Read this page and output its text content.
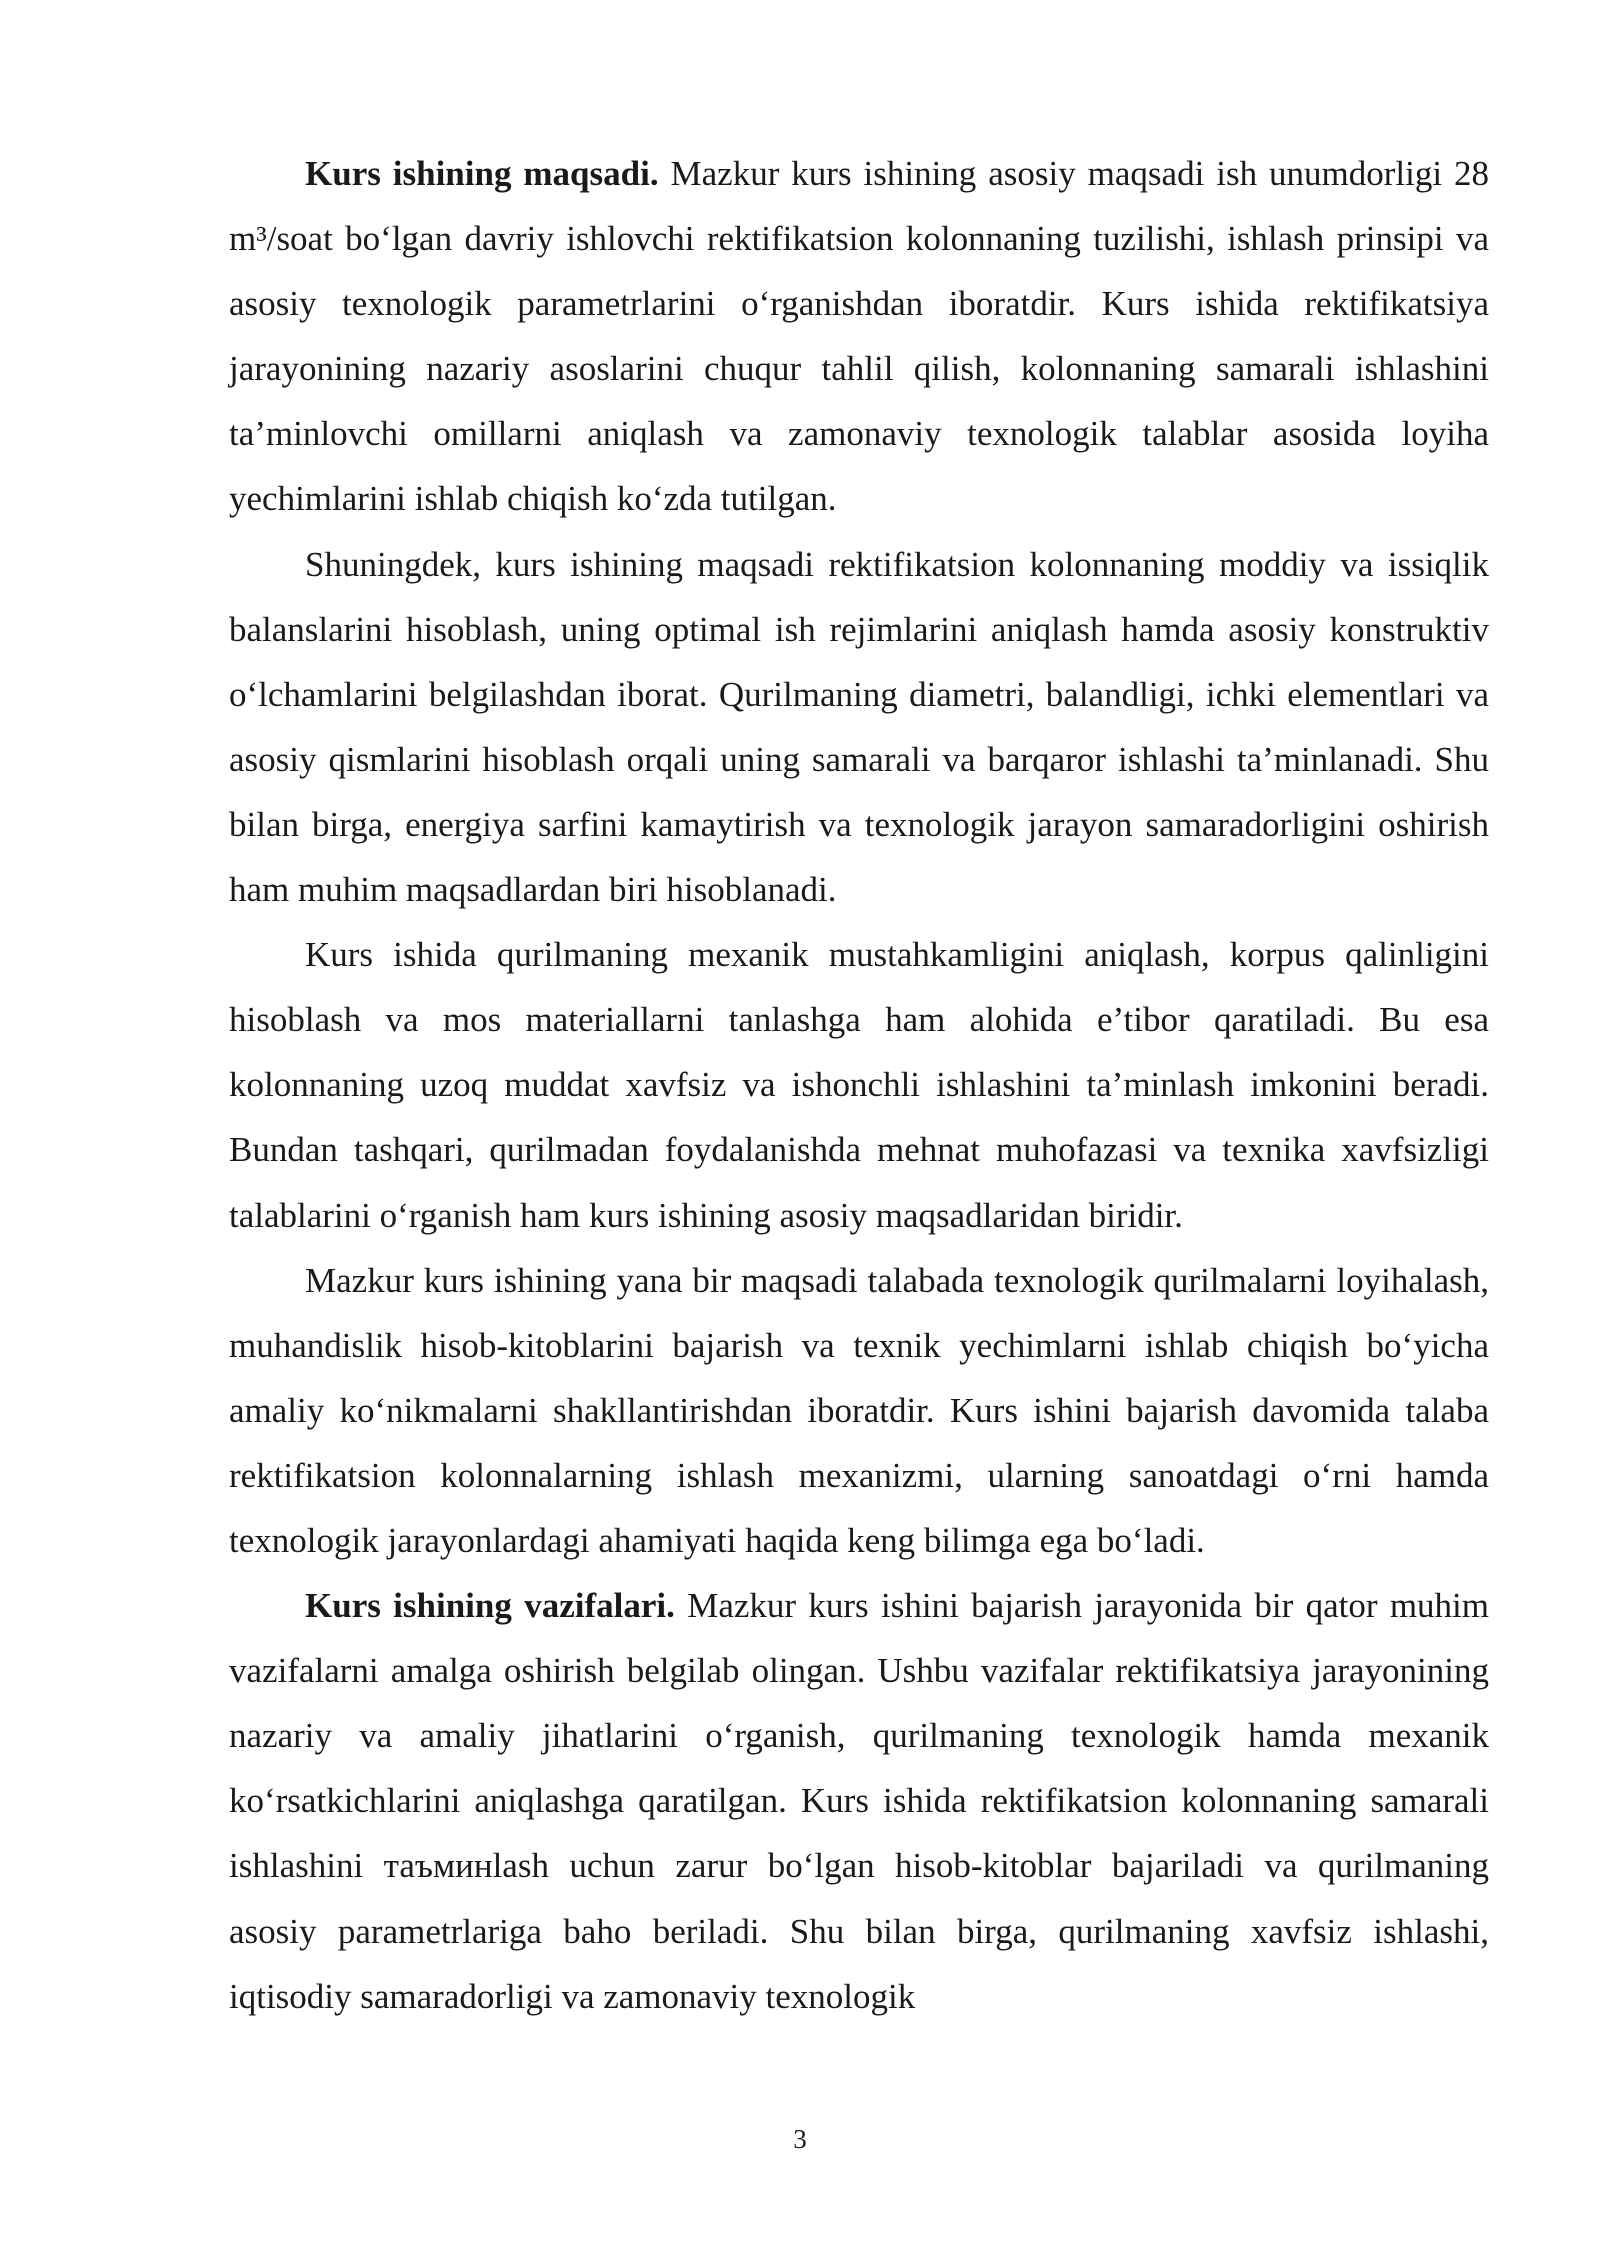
Kurs ishining maqsadi. Mazkur kurs ishining asosiy maqsadi ish unumdorligi 28 m³/soat bo‘lgan davriy ishlovchi rektifikatsion kolonnaning tuzilishi, ishlash prinsipi va asosiy texnologik parametrlarini o‘rganishdan iboratdir. Kurs ishida rektifikatsiya jarayonining nazariy asoslarini chuqur tahlil qilish, kolonnaning samarali ishlashini ta’minlovchi omillarni aniqlash va zamonaviy texnologik talablar asosida loyiha yechimlarini ishlab chiqish ko‘zda tutilgan.

Shuningdek, kurs ishining maqsadi rektifikatsion kolonnaning moddiy va issiqlik balanslarini hisoblash, uning optimal ish rejimlarini aniqlash hamda asosiy konstruktiv o‘lchamlarini belgilashdan iborat. Qurilmaning diametri, balandligi, ichki elementlari va asosiy qismlarini hisoblash orqali uning samarali va barqaror ishlashi ta’minlanadi. Shu bilan birga, energiya sarfini kamaytirish va texnologik jarayon samaradorligini oshirish ham muhim maqsadlardan biri hisoblanadi.

Kurs ishida qurilmaning mexanik mustahkamligini aniqlash, korpus qalinligini hisoblash va mos materiallarni tanlashga ham alohida e’tibor qaratiladi. Bu esa kolonnaning uzoq muddat xavfsiz va ishonchli ishlashini ta’minlash imkonini beradi. Bundan tashqari, qurilmadan foydalanishda mehnat muhofazasi va texnika xavfsizligi talablarini o‘rganish ham kurs ishining asosiy maqsadlaridan biridir.

Mazkur kurs ishining yana bir maqsadi talabada texnologik qurilmalarni loyihalash, muhandislik hisob-kitoblarini bajarish va texnik yechimlarni ishlab chiqish bo‘yicha amaliy ko‘nikmalarni shakllantirishdan iboratdir. Kurs ishini bajarish davomida talaba rektifikatsion kolonnalarning ishlash mexanizmi, ularning sanoatdagi o‘rni hamda texnologik jarayonlardagi ahamiyati haqida keng bilimga ega bo‘ladi.

Kurs ishining vazifalari. Mazkur kurs ishini bajarish jarayonida bir qator muhim vazifalarni amalga oshirish belgilab olingan. Ushbu vazifalar rektifikatsiya jarayonining nazariy va amaliy jihatlarini o‘rganish, qurilmaning texnologik hamda mexanik ko‘rsatkichlarini aniqlashga qaratilgan. Kurs ishida rektifikatsion kolonnaning samarali ishlashini таъминlash uchun zarur bo‘lgan hisob-kitoblar bajariladi va qurilmaning asosiy parametrlariga baho beriladi. Shu bilan birga, qurilmaning xavfsiz ishlashi, iqtisodiy samaradorligi va zamonaviy texnologik

3
